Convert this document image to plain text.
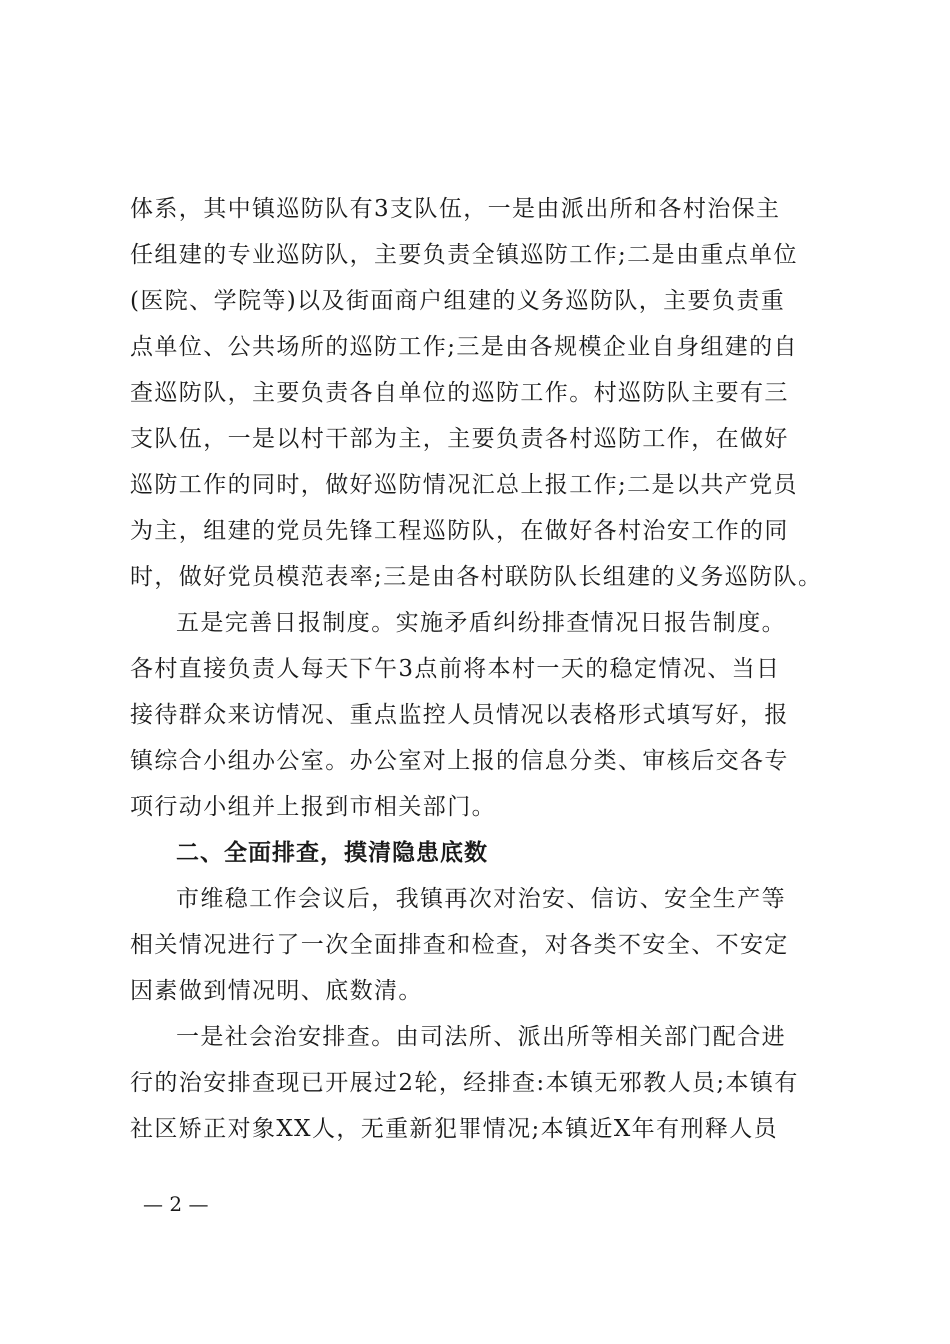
体系，其中镇巡防队有3支队伍，一是由派出所和各村治保主
任组建的专业巡防队，主要负责全镇巡防工作;二是由重点单位
(医院、学院等)以及街面商户组建的义务巡防队，主要负责重
点单位、公共场所的巡防工作;三是由各规模企业自身组建的自
查巡防队，主要负责各自单位的巡防工作。村巡防队主要有三
支队伍，一是以村干部为主，主要负责各村巡防工作，在做好
巡防工作的同时，做好巡防情况汇总上报工作;二是以共产党员
为主，组建的党员先锋工程巡防队，在做好各村治安工作的同
时，做好党员模范表率;三是由各村联防队长组建的义务巡防队。
五是完善日报制度。实施矛盾纠纷排查情况日报告制度。
各村直接负责人每天下午3点前将本村一天的稳定情况、当日
接待群众来访情况、重点监控人员情况以表格形式填写好，报
镇综合小组办公室。办公室对上报的信息分类、审核后交各专
项行动小组并上报到市相关部门。
二、全面排查，摸清隐患底数
市维稳工作会议后，我镇再次对治安、信访、安全生产等
相关情况进行了一次全面排查和检查，对各类不安全、不安定
因素做到情况明、底数清。
一是社会治安排查。由司法所、派出所等相关部门配合进
行的治安排查现已开展过2轮，经排查:本镇无邪教人员;本镇有
社区矫正对象XX人，无重新犯罪情况;本镇近X年有刑释人员
— 2 —
